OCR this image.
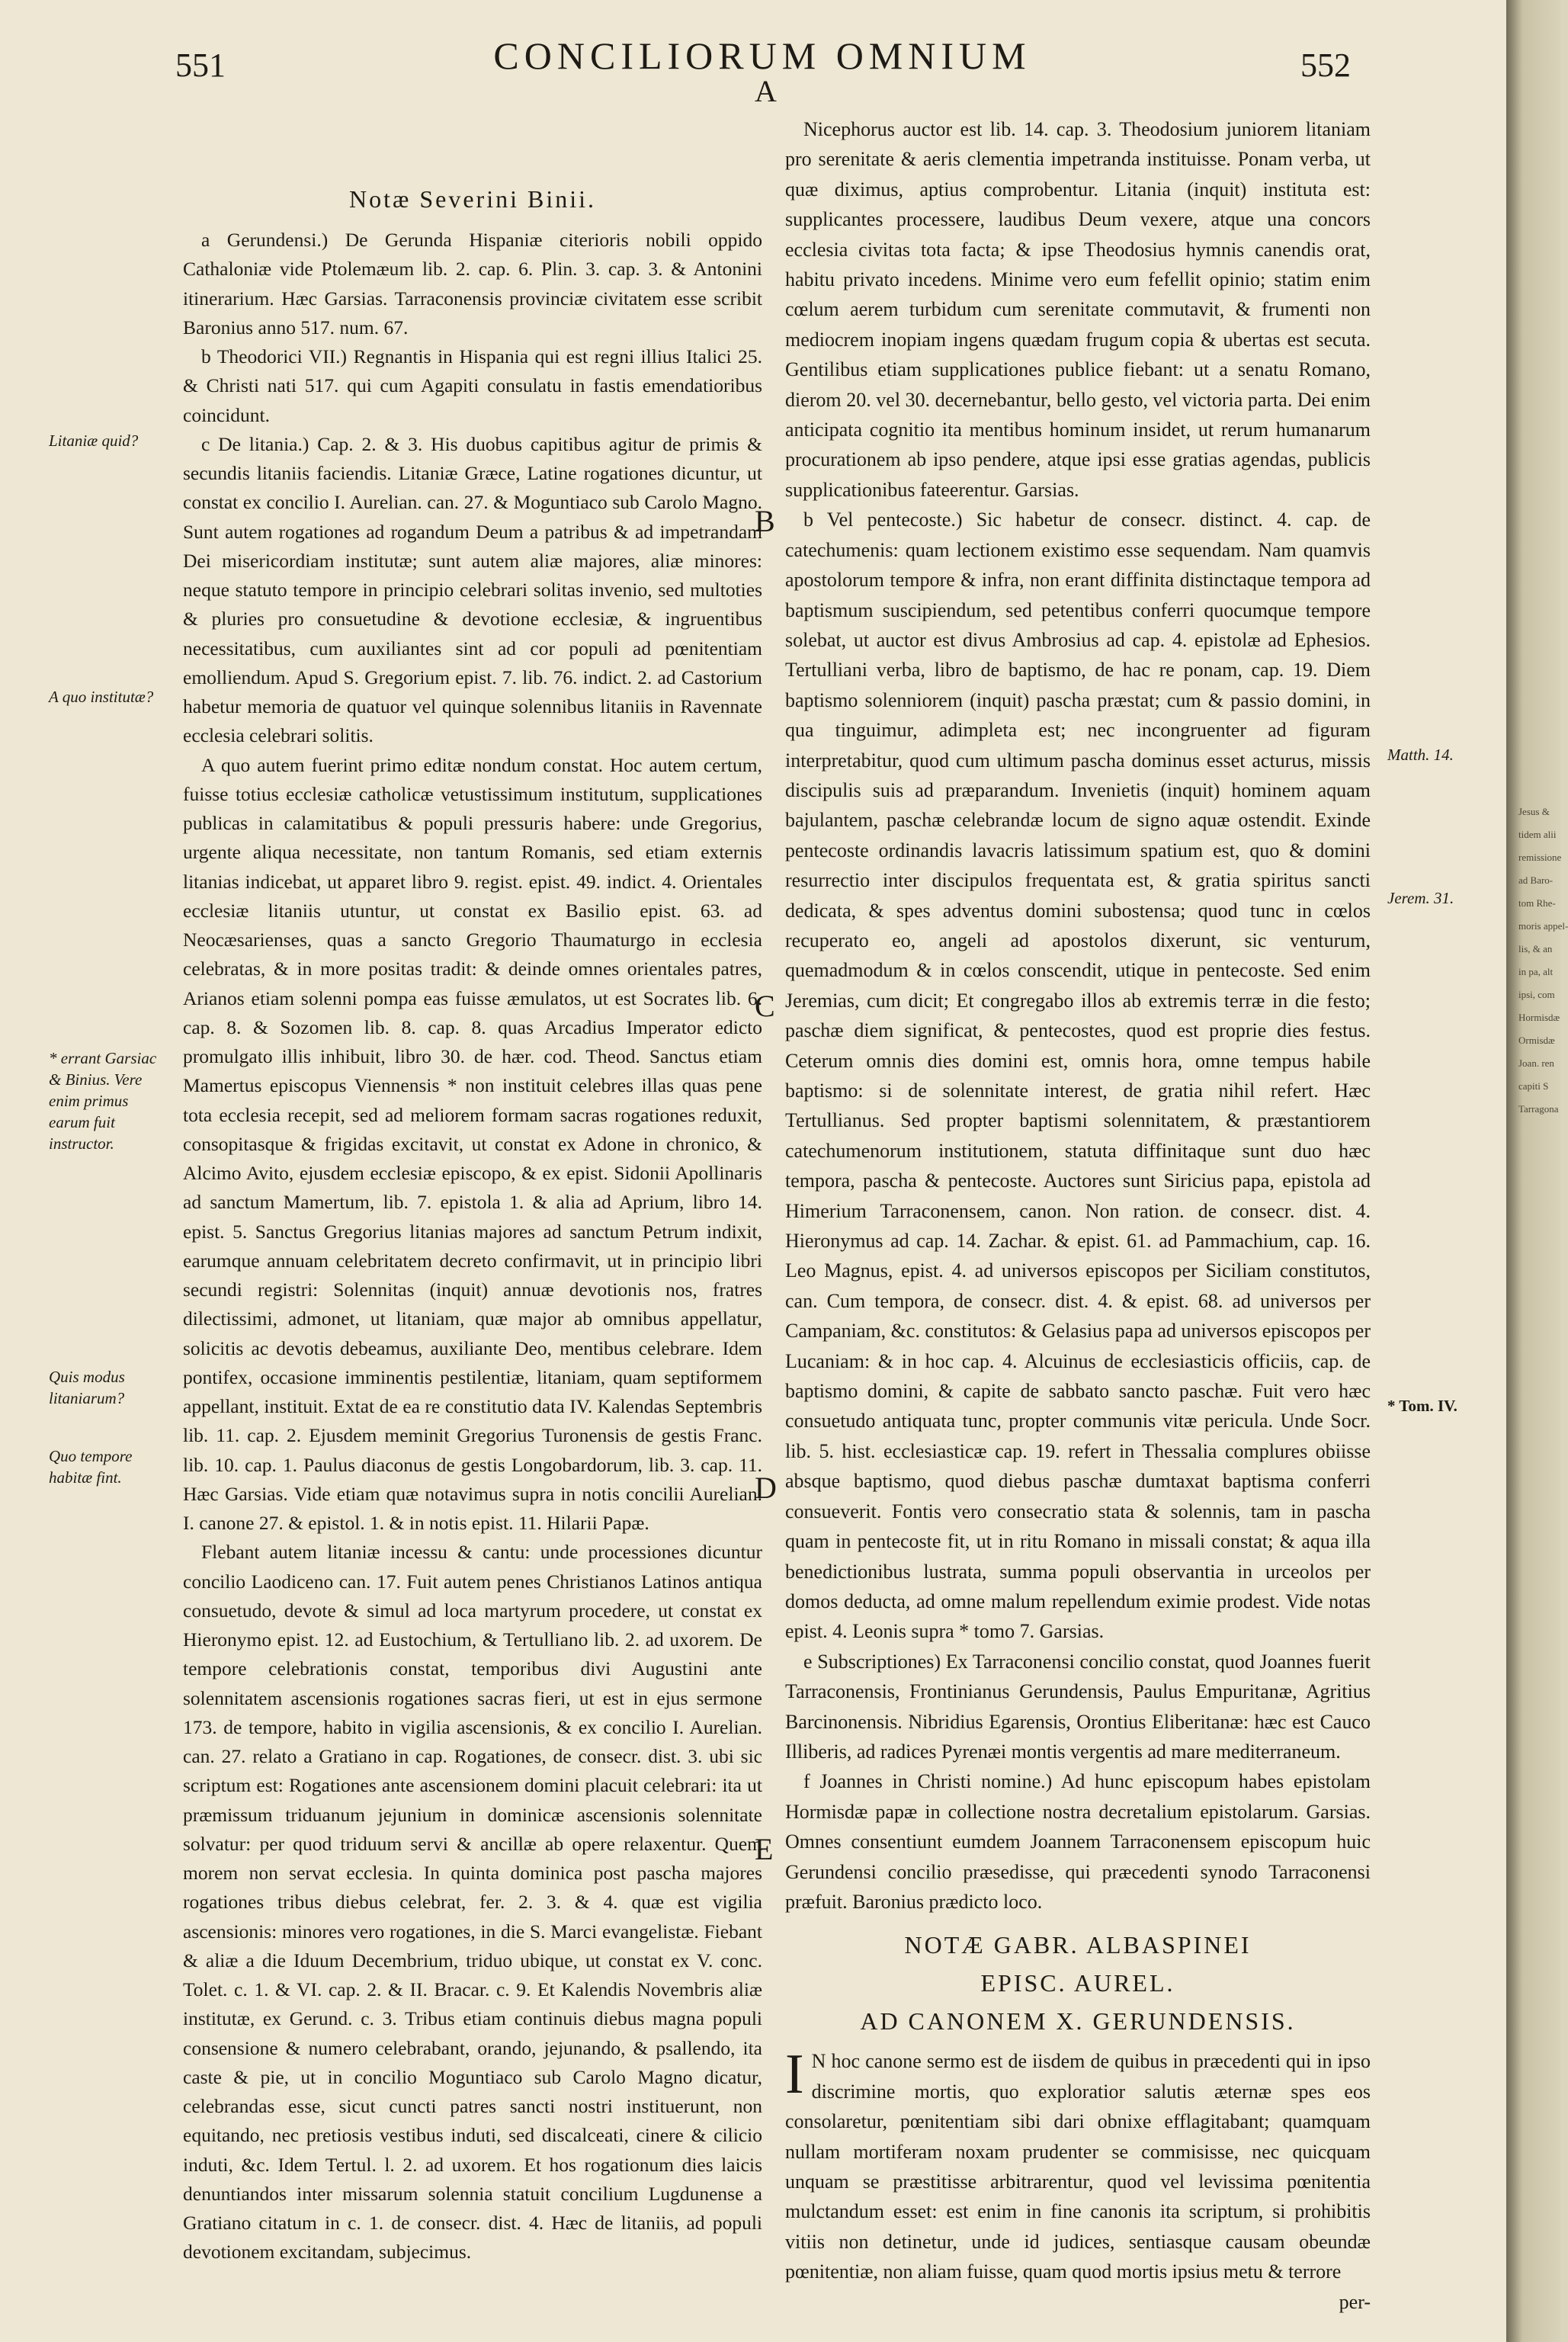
Jesus &
tidem alii
remissione
ad Baro-
tom Rhe-
moris appel-
lis, & an
in pa, alt
ipsi, com
Hormisdæ
Ormisdæ
Joan. ren
capiti S
Tarragona
551	CONCILIORUM OMNIUM	552
Litaniæ quid?
A quo institutæ?
* errant Garsiac & Binius. Vere enim primus earum fuit instructor.
Quis modus litaniarum?
Quo tempore habitæ fint.
Matth. 14.
Jerem. 31.
* Tom. IV.
A
B
C
D
E

Notæ Severini Binii.

a Gerundensi.) De Gerunda Hispaniæ citerioris nobili oppido Cathaloniæ vide Ptolemæum lib. 2. cap. 6. Plin. 3. cap. 3. & Antonini itinerarium. Hæc Garsias. Tarraconensis provinciæ civitatem esse scribit Baronius anno 517. num. 67.

b Theodorici VII.) Regnantis in Hispania qui est regni illius Italici 25. & Christi nati 517. qui cum Agapiti consulatu in fastis emendatioribus coincidunt.

c De litania.) Cap. 2. & 3. His duobus capitibus agitur de primis & secundis litaniis faciendis. Litaniæ Græce, Latine rogationes dicuntur, ut constat ex concilio I. Aurelian. can. 27. & Moguntiaco sub Carolo Magno. Sunt autem rogationes ad rogandum Deum a patribus & ad impetrandam Dei misericordiam institutæ; sunt autem aliæ majores, aliæ minores: neque statuto tempore in principio celebrari solitas invenio, sed multoties & pluries pro consuetudine & devotione ecclesiæ, & ingruentibus necessitatibus, cum auxiliantes sint ad cor populi ad pœnitentiam emolliendum. Apud S. Gregorium epist. 7. lib. 76. indict. 2. ad Castorium habetur memoria de quatuor vel quinque solennibus litaniis in Ravennate ecclesia celebrari solitis.

A quo autem fuerint primo editæ nondum constat. Hoc autem certum, fuisse totius ecclesiæ catholicæ vetustissimum institutum, supplicationes publicas in calamitatibus & populi pressuris habere: unde Gregorius, urgente aliqua necessitate, non tantum Romanis, sed etiam externis litanias indicebat, ut apparet libro 9. regist. epist. 49. indict. 4. Orientales ecclesiæ litaniis utuntur, ut constat ex Basilio epist. 63. ad Neocæsarienses, quas a sancto Gregorio Thaumaturgo in ecclesia celebratas, & in more positas tradit: & deinde omnes orientales patres, Arianos etiam solenni pompa eas fuisse æmulatos, ut est Socrates lib. 6. cap. 8. & Sozomen lib. 8. cap. 8. quas Arcadius Imperator edicto promulgato illis inhibuit, libro 30. de hær. cod. Theod. Sanctus etiam Mamertus episcopus Viennensis * non instituit celebres illas quas pene tota ecclesia recepit, sed ad meliorem formam sacras rogationes reduxit, consopitasque & frigidas excitavit, ut constat ex Adone in chronico, & Alcimo Avito, ejusdem ecclesiæ episcopo, & ex epist. Sidonii Apollinaris ad sanctum Mamertum, lib. 7. epistola 1. & alia ad Aprium, libro 14. epist. 5. Sanctus Gregorius litanias majores ad sanctum Petrum indixit, earumque annuam celebritatem decreto confirmavit, ut in principio libri secundi registri: Solennitas (inquit) annuæ devotionis nos, fratres dilectissimi, admonet, ut litaniam, quæ major ab omnibus appellatur, solicitis ac devotis debeamus, auxiliante Deo, mentibus celebrare. Idem pontifex, occasione imminentis pestilentiæ, litaniam, quam septiformem appellant, instituit. Extat de ea re constitutio data IV. Kalendas Septembris lib. 11. cap. 2. Ejusdem meminit Gregorius Turonensis de gestis Franc. lib. 10. cap. 1. Paulus diaconus de gestis Longobardorum, lib. 3. cap. 11. Hæc Garsias. Vide etiam quæ notavimus supra in notis concilii Aurelian. I. canone 27. & epistol. 1. & in notis epist. 11. Hilarii Papæ.

Flebant autem litaniæ incessu & cantu: unde processiones dicuntur concilio Laodiceno can. 17. Fuit autem penes Christianos Latinos antiqua consuetudo, devote & simul ad loca martyrum procedere, ut constat ex Hieronymo epist. 12. ad Eustochium, & Tertulliano lib. 2. ad uxorem. De tempore celebrationis constat, temporibus divi Augustini ante solennitatem ascensionis rogationes sacras fieri, ut est in ejus sermone 173. de tempore, habito in vigilia ascensionis, & ex concilio I. Aurelian. can. 27. relato a Gratiano in cap. Rogationes, de consecr. dist. 3. ubi sic scriptum est: Rogationes ante ascensionem domini placuit celebrari: ita ut præmissum triduanum jejunium in dominicæ ascensionis solennitate solvatur: per quod triduum servi & ancillæ ab opere relaxentur. Quem morem non servat ecclesia. In quinta dominica post pascha majores rogationes tribus diebus celebrat, fer. 2. 3. & 4. quæ est vigilia ascensionis: minores vero rogationes, in die S. Marci evangelistæ. Fiebant & aliæ a die Iduum Decembrium, triduo ubique, ut constat ex V. conc. Tolet. c. 1. & VI. cap. 2. & II. Bracar. c. 9. Et Kalendis Novembris aliæ institutæ, ex Gerund. c. 3. Tribus etiam continuis diebus magna populi consensione & numero celebrabant, orando, jejunando, & psallendo, ita caste & pie, ut in concilio Moguntiaco sub Carolo Magno dicatur, celebrandas esse, sicut cuncti patres sancti nostri instituerunt, non equitando, nec pretiosis vestibus induti, sed discalceati, cinere & cilicio induti, &c. Idem Tertul. l. 2. ad uxorem. Et hos rogationum dies laicis denuntiandos inter missarum solennia statuit concilium Lugdunense a Gratiano citatum in c. 1. de consecr. dist. 4. Hæc de litaniis, ad populi devotionem excitandam, subjecimus.

Nicephorus auctor est lib. 14. cap. 3. Theodosium juniorem litaniam pro serenitate & aeris clementia impetranda instituisse. Ponam verba, ut quæ diximus, aptius comprobentur. Litania (inquit) instituta est: supplicantes processere, laudibus Deum vexere, atque una concors ecclesia civitas tota facta; & ipse Theodosius hymnis canendis orat, habitu privato incedens. Minime vero eum fefellit opinio; statim enim cœlum aerem turbidum cum serenitate commutavit, & frumenti non mediocrem inopiam ingens quædam frugum copia & ubertas est secuta. Gentilibus etiam supplicationes publice fiebant: ut a senatu Romano, dierom 20. vel 30. decernebantur, bello gesto, vel victoria parta. Dei enim anticipata cognitio ita mentibus hominum insidet, ut rerum humanarum procurationem ab ipso pendere, atque ipsi esse gratias agendas, publicis supplicationibus fateerentur. Garsias.

b Vel pentecoste.) Sic habetur de consecr. distinct. 4. cap. de catechumenis: quam lectionem existimo esse sequendam. Nam quamvis apostolorum tempore & infra, non erant diffinita distinctaque tempora ad baptismum suscipiendum, sed petentibus conferri quocumque tempore solebat, ut auctor est divus Ambrosius ad cap. 4. epistolæ ad Ephesios. Tertulliani verba, libro de baptismo, de hac re ponam, cap. 19. Diem baptismo solenniorem (inquit) pascha præstat; cum & passio domini, in qua tinguimur, adimpleta est; nec incongruenter ad figuram interpretabitur, quod cum ultimum pascha dominus esset acturus, missis discipulis suis ad præparandum. Invenietis (inquit) hominem aquam bajulantem, paschæ celebrandæ locum de signo aquæ ostendit. Exinde pentecoste ordinandis lavacris latissimum spatium est, quo & domini resurrectio inter discipulos frequentata est, & gratia spiritus sancti dedicata, & spes adventus domini subostensa; quod tunc in cœlos recuperato eo, angeli ad apostolos dixerunt, sic venturum, quemadmodum & in cœlos conscendit, utique in pentecoste. Sed enim Jeremias, cum dicit; Et congregabo illos ab extremis terræ in die festo; paschæ diem significat, & pentecostes, quod est proprie dies festus. Ceterum omnis dies domini est, omnis hora, omne tempus habile baptismo: si de solennitate interest, de gratia nihil refert. Hæc Tertullianus. Sed propter baptismi solennitatem, & præstantiorem catechumenorum institutionem, statuta diffinitaque sunt duo hæc tempora, pascha & pentecoste. Auctores sunt Siricius papa, epistola ad Himerium Tarraconensem, canon. Non ration. de consecr. dist. 4. Hieronymus ad cap. 14. Zachar. & epist. 61. ad Pammachium, cap. 16. Leo Magnus, epist. 4. ad universos episcopos per Siciliam constitutos, can. Cum tempora, de consecr. dist. 4. & epist. 68. ad universos per Campaniam, &c. constitutos: & Gelasius papa ad universos episcopos per Lucaniam: & in hoc cap. 4. Alcuinus de ecclesiasticis officiis, cap. de baptismo domini, & capite de sabbato sancto paschæ. Fuit vero hæc consuetudo antiquata tunc, propter communis vitæ pericula. Unde Socr. lib. 5. hist. ecclesiasticæ cap. 19. refert in Thessalia complures obiisse absque baptismo, quod diebus paschæ dumtaxat baptisma conferri consueverit. Fontis vero consecratio stata & solennis, tam in pascha quam in pentecoste fit, ut in ritu Romano in missali constat; & aqua illa benedictionibus lustrata, summa populi observantia in urceolos per domos deducta, ad omne malum repellendum eximie prodest. Vide notas epist. 4. Leonis supra * tomo 7. Garsias.

e Subscriptiones) Ex Tarraconensi concilio constat, quod Joannes fuerit Tarraconensis, Frontinianus Gerundensis, Paulus Empuritanæ, Agritius Barcinonensis. Nibridius Egarensis, Orontius Eliberitanæ: hæc est Cauco Illiberis, ad radices Pyrenæi montis vergentis ad mare mediterraneum.

f Joannes in Christi nomine.) Ad hunc episcopum habes epistolam Hormisdæ papæ in collectione nostra decretalium epistolarum. Garsias. Omnes consentiunt eumdem Joannem Tarraconensem episcopum huic Gerundensi concilio præsedisse, qui præcedenti synodo Tarraconensi præfuit. Baronius prædicto loco.

NOTÆ GABR. ALBASPINEI

EPISC. AUREL.

AD CANONEM X. GERUNDENSIS.

I N hoc canone sermo est de iisdem de quibus in præcedenti qui in ipso discrimine mortis, quo exploratior salutis æternæ spes eos consolaretur, pœnitentiam sibi dari obnixe efflagitabant; quamquam nullam mortiferam noxam prudenter se commisisse, nec quicquam unquam se præstitisse arbitrarentur, quod vel levissima pœnitentia mulctandum esset: est enim in fine canonis ita scriptum, si prohibitis vitiis non detinetur, unde id judices, sentiasque causam obeundæ pœnitentiæ, non aliam fuisse, quam quod mortis ipsius metu & terrore

per-
